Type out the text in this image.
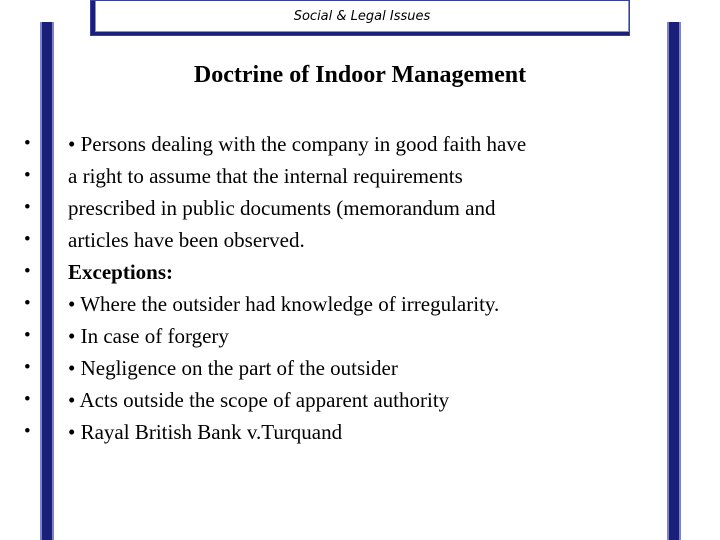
Social & Legal Issues
Doctrine of Indoor Management
•	• Persons dealing with the company in good faith have
•	a right to assume that the internal requirements
•	prescribed in public documents (memorandum and
•	articles have been observed.
•	Exceptions:
•	• Where the outsider had knowledge of irregularity.
•	• In case of forgery
•	• Negligence on the part of the outsider
•	• Acts outside the scope of apparent authority
•	• Rayal British Bank v.Turquand
